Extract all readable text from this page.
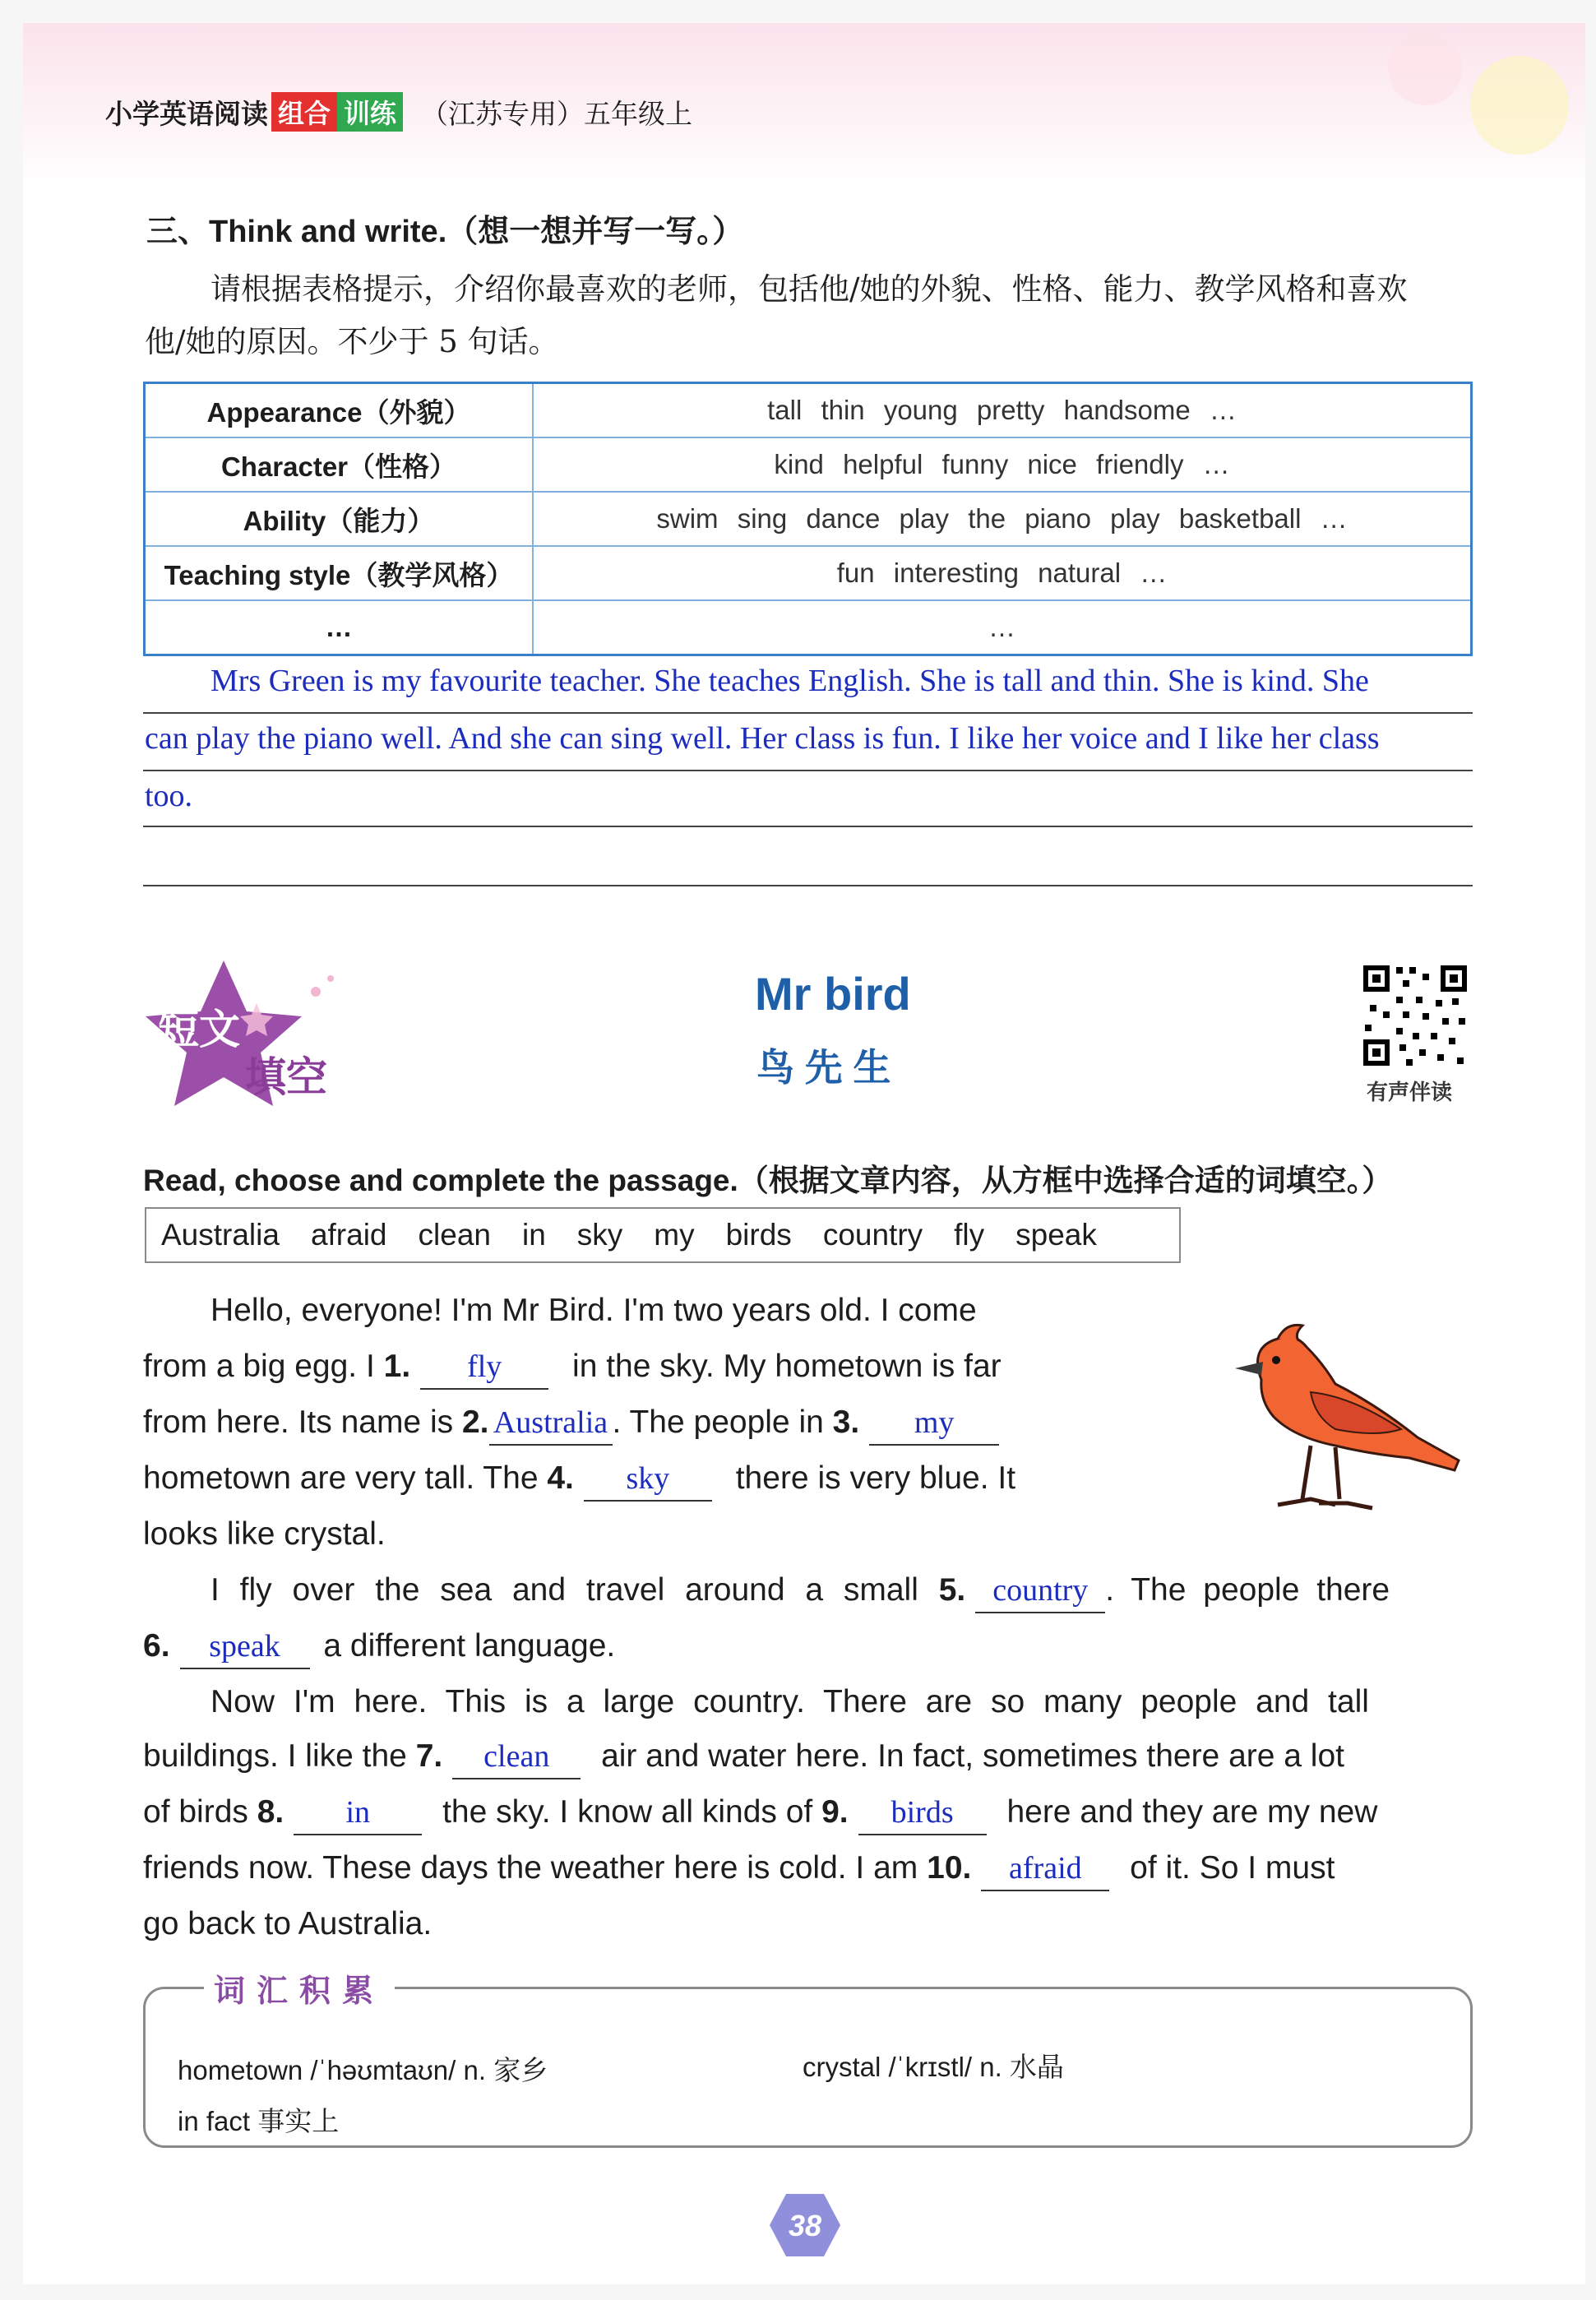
小学英语阅读 组合 训练 （江苏专用）五年级上
三、Think and write.（想一想并写一写。）
请根据表格提示，介绍你最喜欢的老师，包括他/她的外貌、性格、能力、教学风格和喜欢
他/她的原因。不少于 5 句话。
Appearance（外貌）	tall thin young pretty handsome …
Character（性格）	kind helpful funny nice friendly …
Ability（能力）	swim sing dance play the piano play basketball …
Teaching style（教学风格）	fun interesting natural …
…	…
Mrs Green is my favourite teacher. She teaches English. She is tall and thin. She is kind. She
can play the piano well. And she can sing well. Her class is fun. I like her voice and I like her class
too.
短文
填空
Mr bird
鸟 先 生
有声伴读
Read, choose and complete the passage.（根据文章内容，从方框中选择合适的词填空。）
Australia afraid clean in sky my birds country fly speak
Hello, everyone! I'm Mr Bird. I'm two years old. I come
from a big egg. I 1. fly in the sky. My hometown is far
from here. Its name is 2. Australia . The people in 3. my
hometown are very tall. The 4. sky there is very blue. It
looks like crystal.
I fly over the sea and travel around a small 5. country . The people there
6. speak a different language.
Now I'm here. This is a large country. There are so many people and tall
buildings. I like the 7. clean air and water here. In fact, sometimes there are a lot
of birds 8. in the sky. I know all kinds of 9. birds here and they are my new
friends now. These days the weather here is cold. I am 10. afraid of it. So I must
go back to Australia.
词汇积累
hometown /ˈhəʊmtaʊn/ n. 家乡	crystal /ˈkrɪstl/ n. 水晶
in fact 事实上
38
